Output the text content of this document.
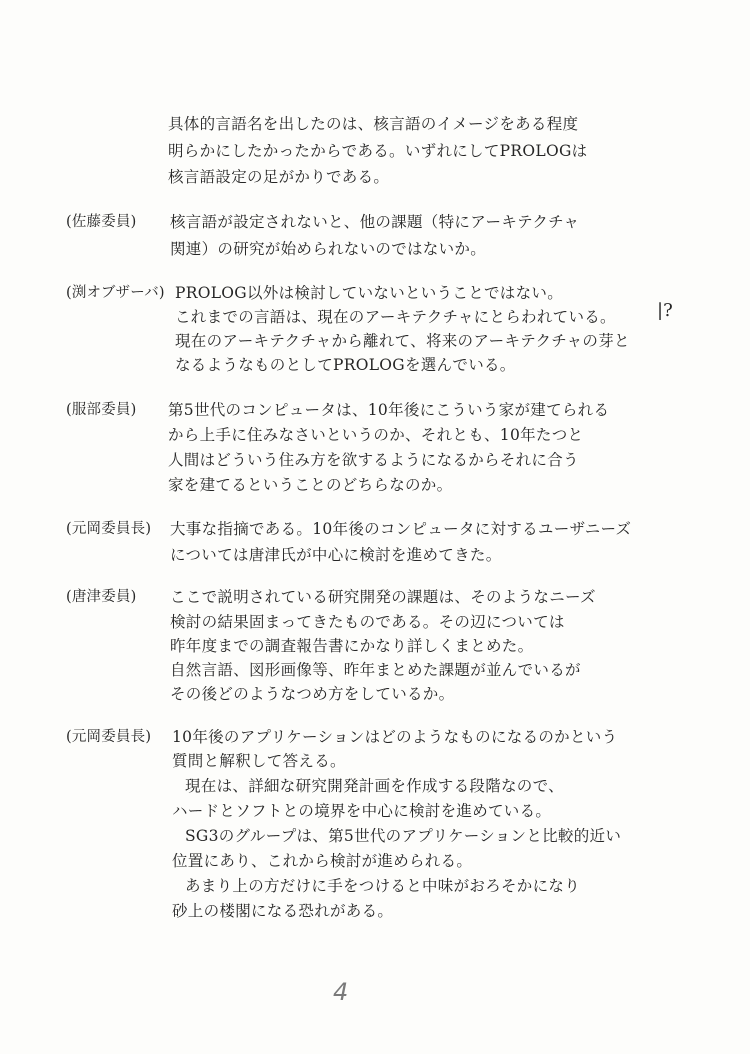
具体的言語名を出したのは、核言語のイメージをある程度
明らかにしたかったからである。いずれにしてPROLOGは
核言語設定の足がかりである。
(佐藤委員) 核言語が設定されないと、他の課題（特にアーキテクチャ
関連）の研究が始められないのではないか。
(渕オブザーバ) PROLOG以外は検討していないということではない。
これまでの言語は、現在のアーキテクチャにとらわれている。
現在のアーキテクチャから離れて、将来のアーキテクチャの芽と
なるようなものとしてPROLOGを選んでいる。
|?
(服部委員) 第5世代のコンピュータは、10年後にこういう家が建てられる
から上手に住みなさいというのか、それとも、10年たつと
人間はどういう住み方を欲するようになるからそれに合う
家を建てるということのどちらなのか。
(元岡委員長) 大事な指摘である。10年後のコンピュータに対するユーザニーズ
については唐津氏が中心に検討を進めてきた。
(唐津委員) ここで説明されている研究開発の課題は、そのようなニーズ
検討の結果固まってきたものである。その辺については
昨年度までの調査報告書にかなり詳しくまとめた。
自然言語、図形画像等、昨年まとめた課題が並んでいるが
その後どのようなつめ方をしているか。
(元岡委員長) 10年後のアプリケーションはどのようなものになるのかという
質問と解釈して答える。
現在は、詳細な研究開発計画を作成する段階なので、
ハードとソフトとの境界を中心に検討を進めている。
SG3のグループは、第5世代のアプリケーションと比較的近い
位置にあり、これから検討が進められる。
あまり上の方だけに手をつけると中味がおろそかになり
砂上の楼閣になる恐れがある。
4
